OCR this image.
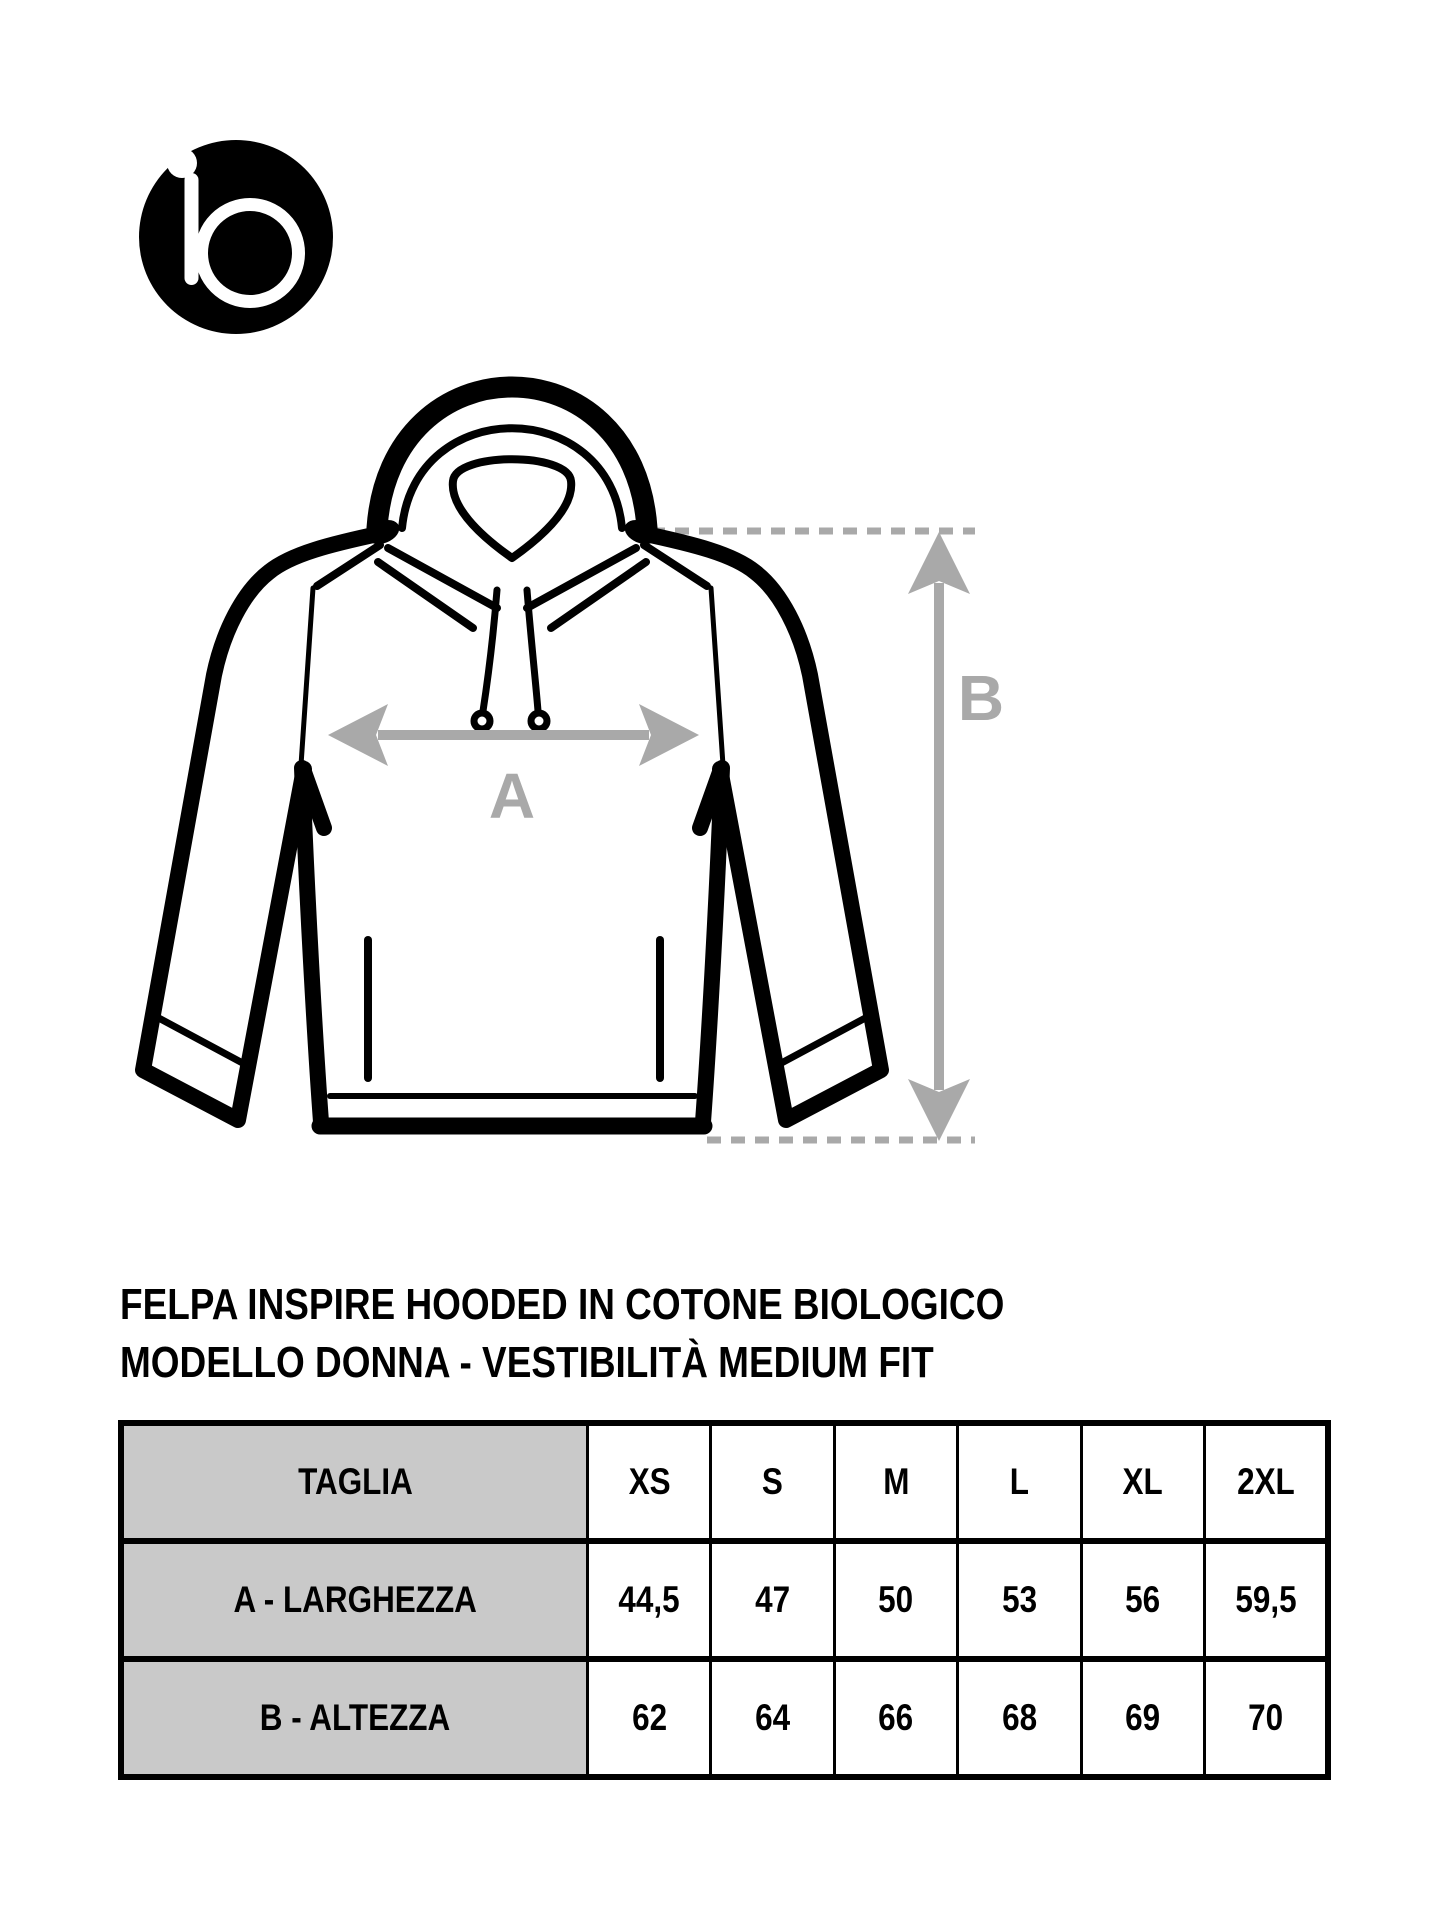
A
B
FELPA INSPIRE HOODED IN COTONE BIOLOGICO
MODELLO DONNA - VESTIBILITÀ MEDIUM FIT
TAGLIA	XS	S	M	L	XL	2XL
A - LARGHEZZA	44,5	47	50	53	56	59,5
B - ALTEZZA	62	64	66	68	69	70
